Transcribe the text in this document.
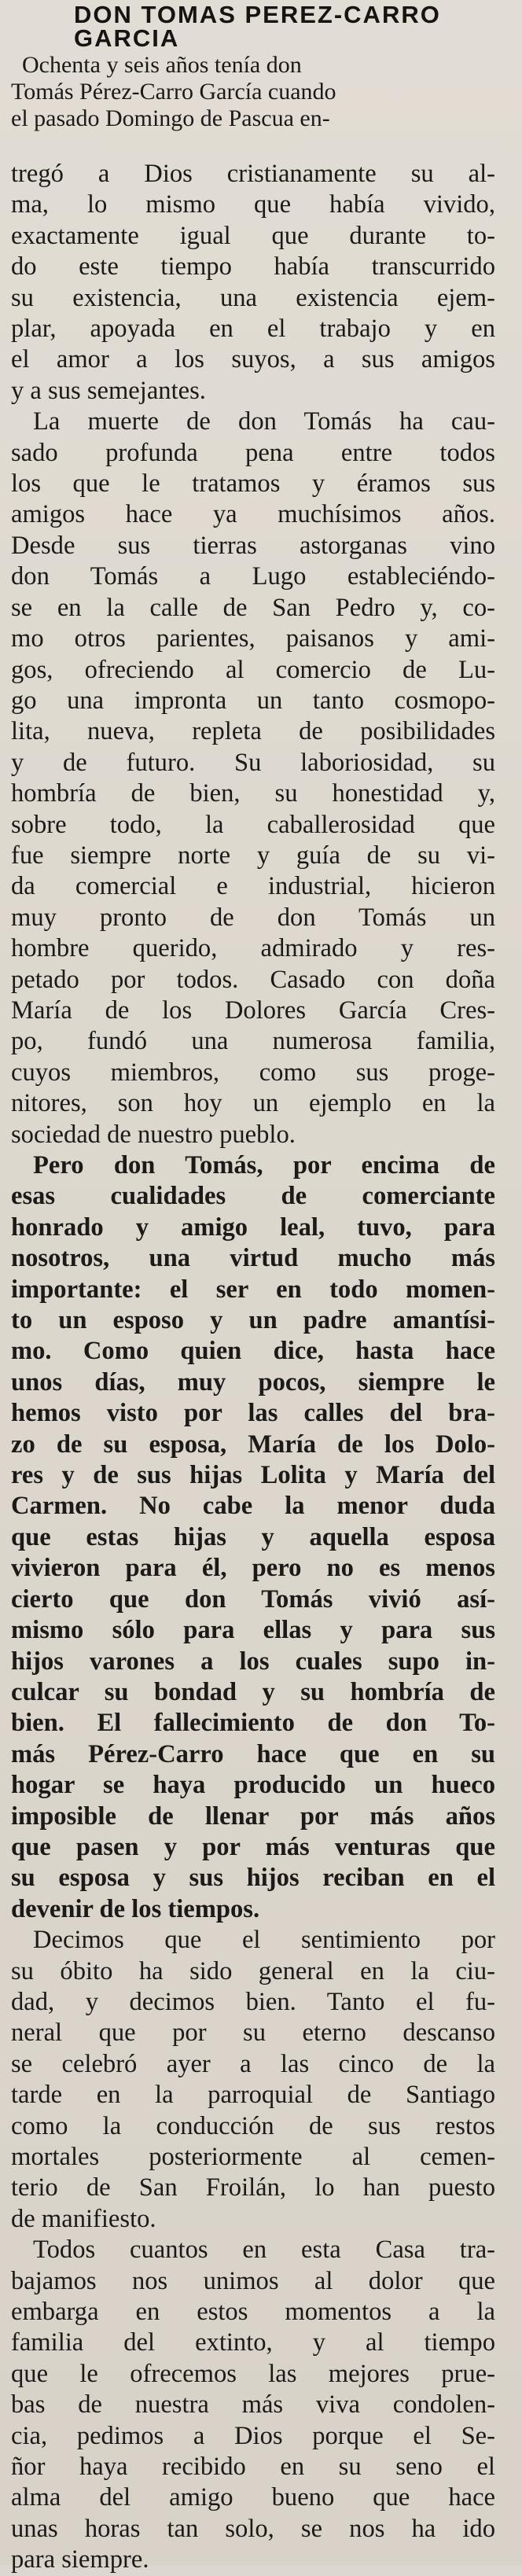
DON TOMAS PEREZ-CARRO
GARCIA
Ochenta y seis años tenía don
Tomás Pérez-Carro García cuando
el pasado Domingo de Pascua en-
tregó a Dios cristianamente su al-
ma, lo mismo que había vivido,
exactamente igual que durante to-
do este tiempo había transcurrido
su existencia, una existencia ejem-
plar, apoyada en el trabajo y en
el amor a los suyos, a sus amigos
y a sus semejantes.
La muerte de don Tomás ha cau-
sado profunda pena entre todos
los que le tratamos y éramos sus
amigos hace ya muchísimos años.
Desde sus tierras astorganas vino
don Tomás a Lugo estableciéndo-
se en la calle de San Pedro y, co-
mo otros parientes, paisanos y ami-
gos, ofreciendo al comercio de Lu-
go una impronta un tanto cosmopo-
lita, nueva, repleta de posibilidades
y de futuro. Su laboriosidad, su
hombría de bien, su honestidad y,
sobre todo, la caballerosidad que
fue siempre norte y guía de su vi-
da comercial e industrial, hicieron
muy pronto de don Tomás un
hombre querido, admirado y res-
petado por todos. Casado con doña
María de los Dolores García Cres-
po, fundó una numerosa familia,
cuyos miembros, como sus proge-
nitores, son hoy un ejemplo en la
sociedad de nuestro pueblo.
Pero don Tomás, por encima de
esas cualidades de comerciante
honrado y amigo leal, tuvo, para
nosotros, una virtud mucho más
importante: el ser en todo momen-
to un esposo y un padre amantísi-
mo. Como quien dice, hasta hace
unos días, muy pocos, siempre le
hemos visto por las calles del bra-
zo de su esposa, María de los Dolo-
res y de sus hijas Lolita y María del
Carmen. No cabe la menor duda
que estas hijas y aquella esposa
vivieron para él, pero no es menos
cierto que don Tomás vivió así-
mismo sólo para ellas y para sus
hijos varones a los cuales supo in-
culcar su bondad y su hombría de
bien. El fallecimiento de don To-
más Pérez-Carro hace que en su
hogar se haya producido un hueco
imposible de llenar por más años
que pasen y por más venturas que
su esposa y sus hijos reciban en el
devenir de los tiempos.
Decimos que el sentimiento por
su óbito ha sido general en la ciu-
dad, y decimos bien. Tanto el fu-
neral que por su eterno descanso
se celebró ayer a las cinco de la
tarde en la parroquial de Santiago
como la conducción de sus restos
mortales posteriormente al cemen-
terio de San Froilán, lo han puesto
de manifiesto.
Todos cuantos en esta Casa tra-
bajamos nos unimos al dolor que
embarga en estos momentos a la
familia del extinto, y al tiempo
que le ofrecemos las mejores prue-
bas de nuestra más viva condolen-
cia, pedimos a Dios porque el Se-
ñor haya recibido en su seno el
alma del amigo bueno que hace
unas horas tan solo, se nos ha ido
para siempre.
